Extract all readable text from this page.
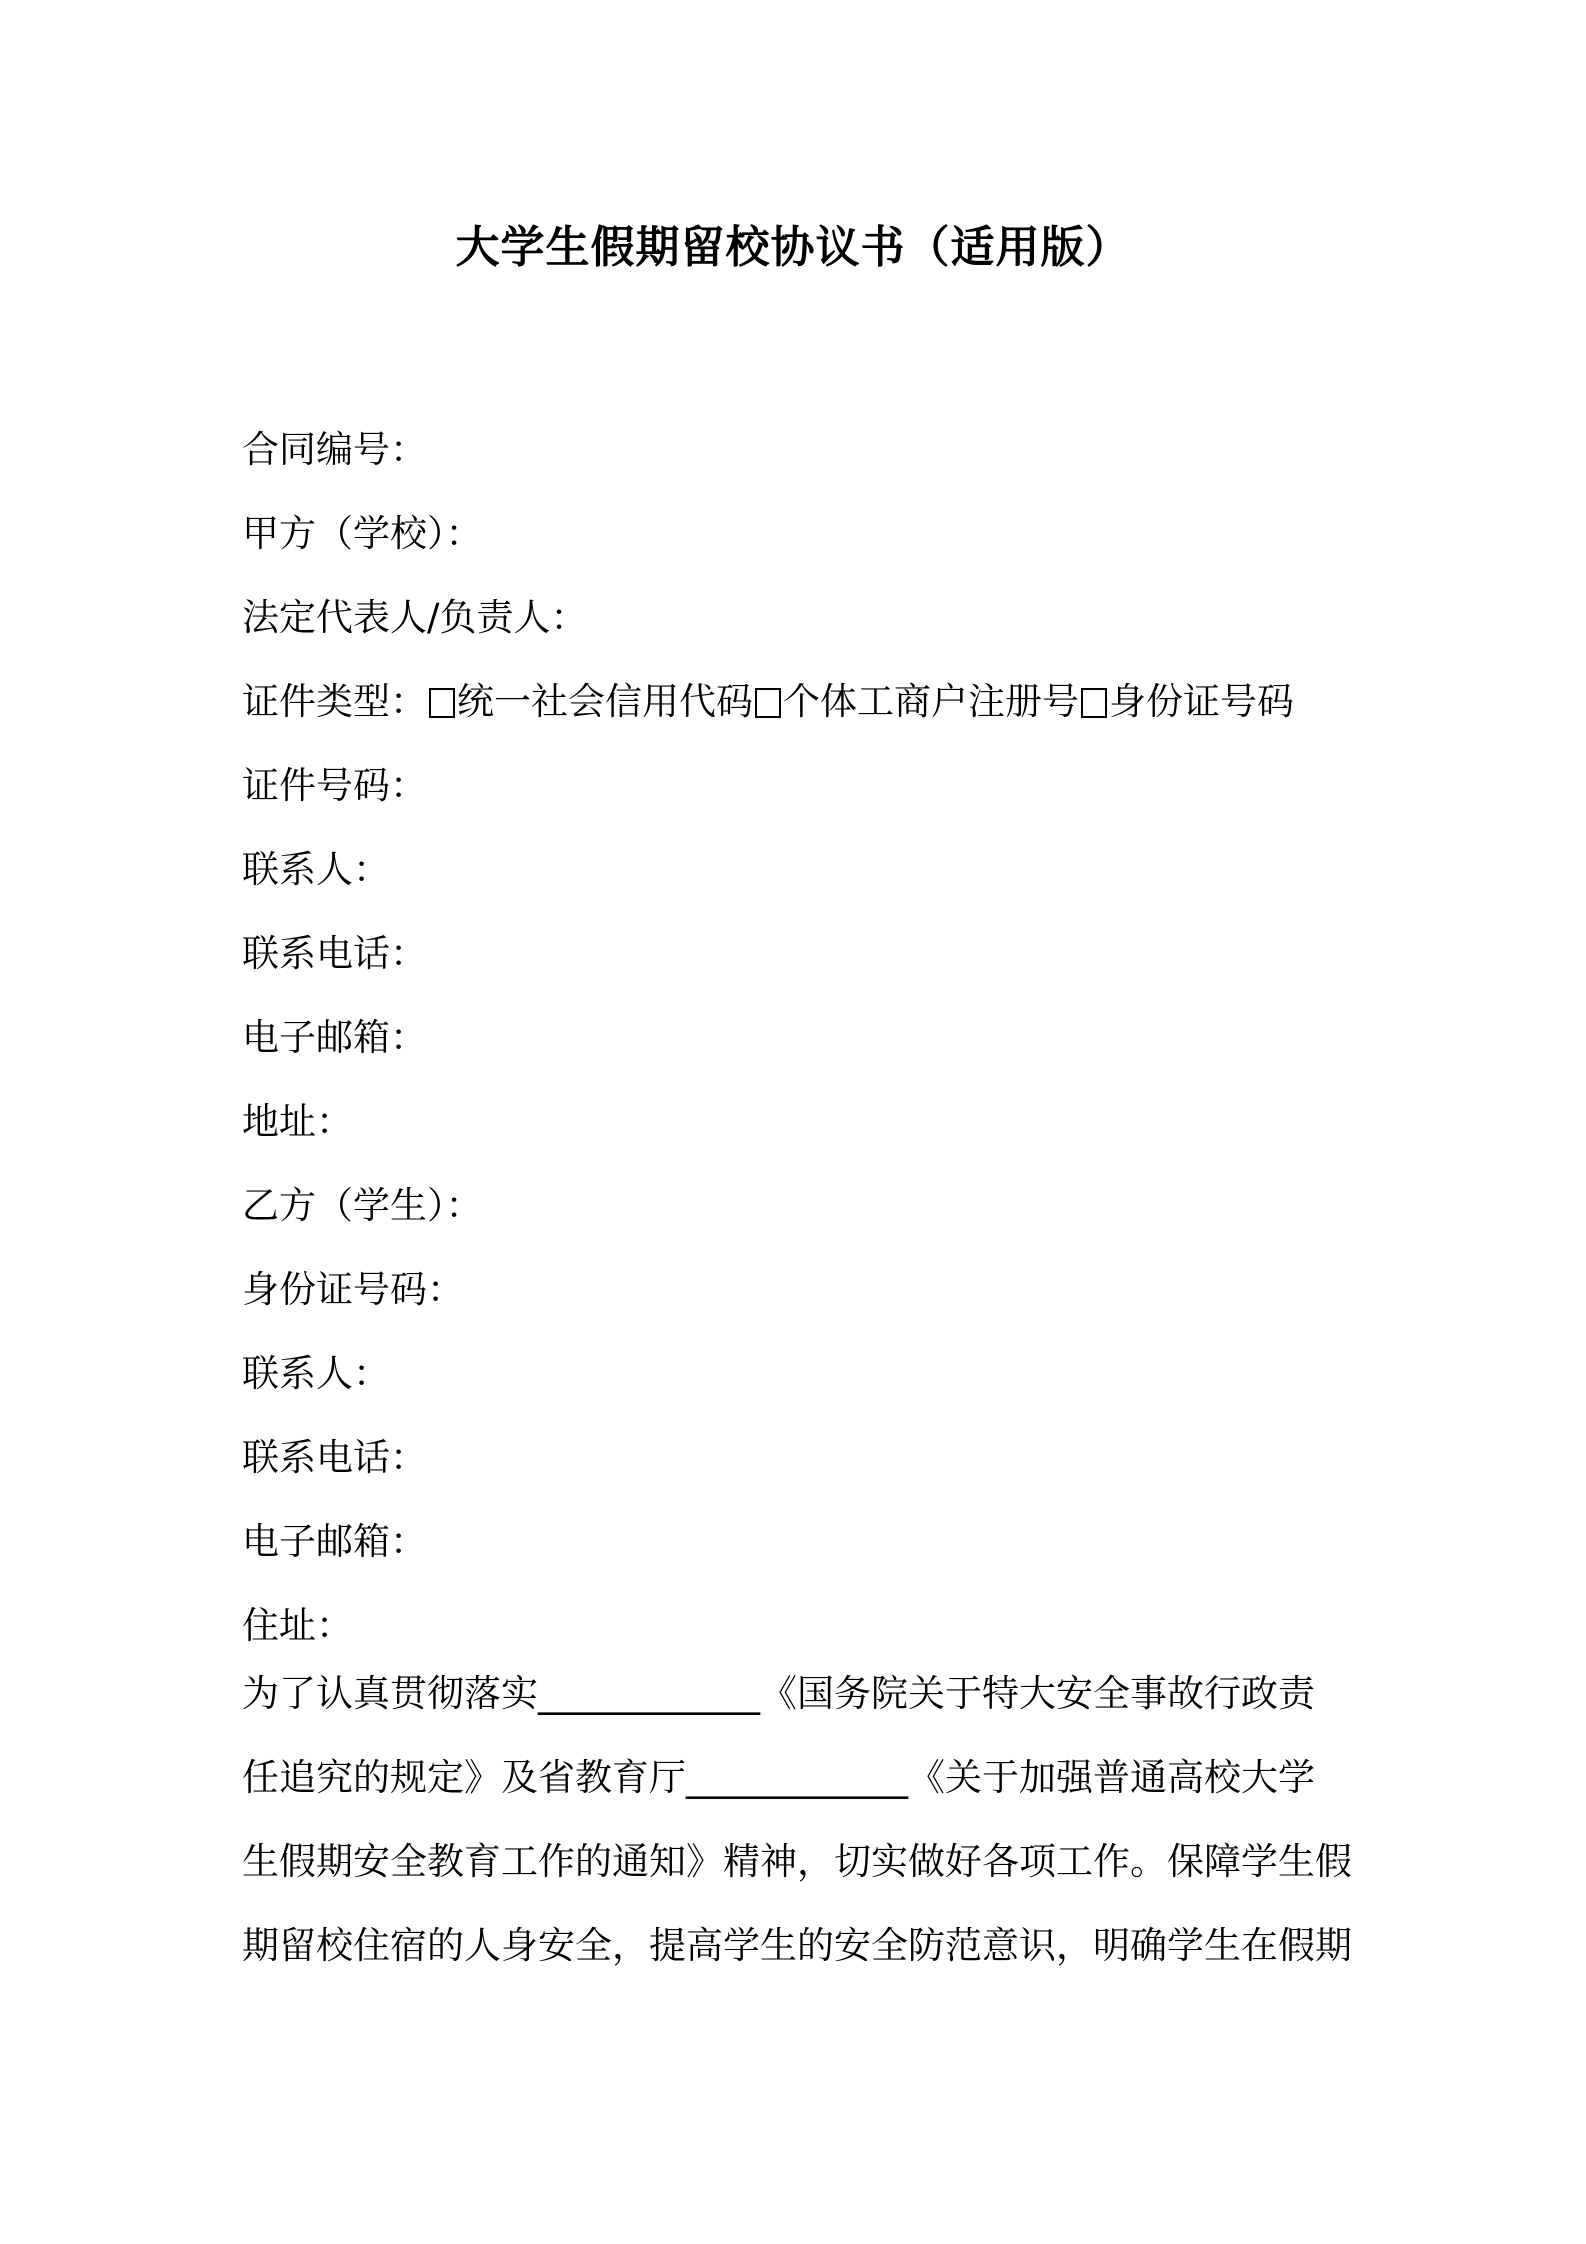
大学生假期留校协议书（适用版）
合同编号：
甲方（学校）：
法定代表人/负责人：
证件类型： 统一社会信用代码 个体工商户注册号 身份证号码
证件号码：
联系人：
联系电话：
电子邮箱：
地址：
乙方（学生）：
身份证号码：
联系人：
联系电话：
电子邮箱：
住址：
为了认真贯彻落实____________《国务院关于特大安全事故行政责
任追究的规定》及省教育厅____________《关于加强普通高校大学
生假期安全教育工作的通知》精神，切实做好各项工作。保障学生假
期留校住宿的人身安全，提高学生的安全防范意识，明确学生在假期
